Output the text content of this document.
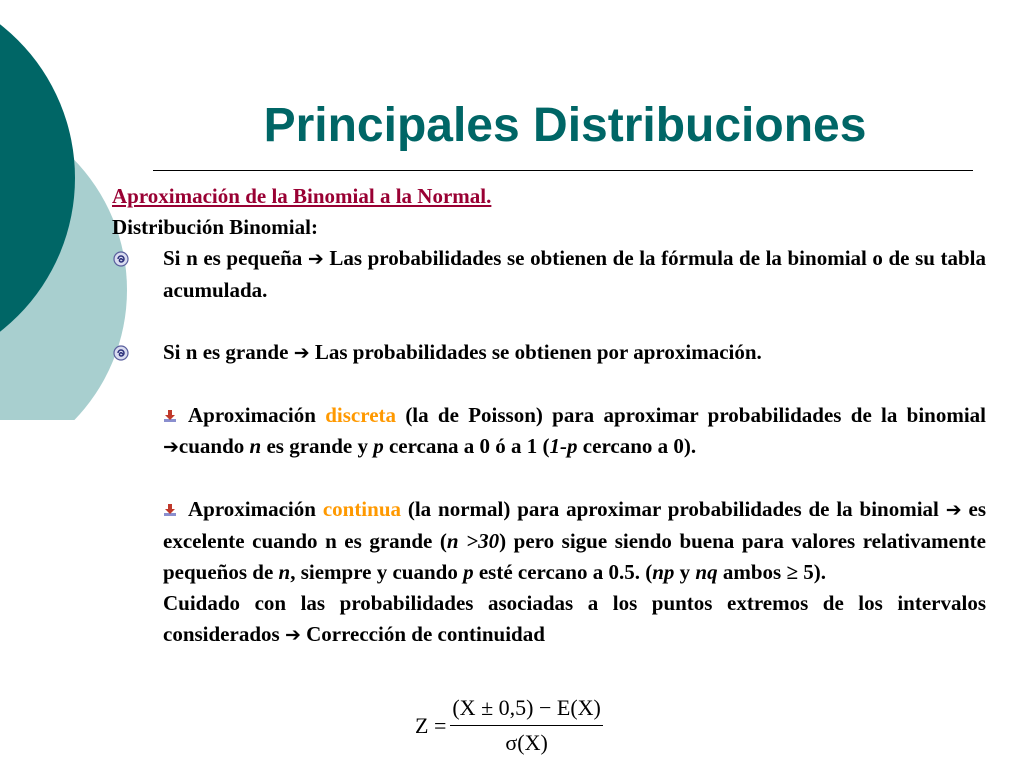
Principales Distribuciones
Aproximación de la Binomial a la Normal.
Distribución Binomial:
Si n es pequeña ➔ Las probabilidades se obtienen de la fórmula de la binomial o de su tabla acumulada.
Si n es grande ➔ Las probabilidades se obtienen por aproximación.
Aproximación discreta (la de Poisson) para aproximar probabilidades de la binomial ➔cuando n es grande y p cercana a 0 ó a 1 (1-p cercano a 0).
Aproximación continua (la normal) para aproximar probabilidades de la binomial ➔ es excelente cuando n es grande (n >30) pero sigue siendo buena para valores relativamente pequeños de n, siempre y cuando p esté cercano a 0.5. (np y nq ambos ≥ 5).
Cuidado con las probabilidades asociadas a los puntos extremos de los intervalos considerados ➔ Corrección de continuidad
$Z = \frac{(X \pm 0,5) - E(X)}{\sigma(X)}$
